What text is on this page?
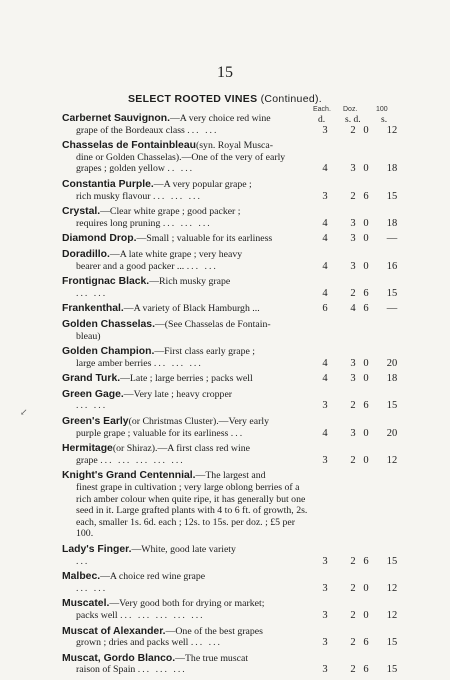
15
SELECT ROOTED VINES (Continued).
Each. Doz.	100
d. s. d. s.
Carbernet Sauvignon.—A very choice red wine
grape of the Bordeaux class ... ...	3	2 0	12
Chasselas de Fontainbleau(syn. Royal Musca-
dine or Golden Chasselas).—One of the very of early grapes ; golden yellow .. ...	4	3 0	18
Constantia Purple.—A very popular grape ;
rich musky flavour ... ... ...	3	2 6	15
Crystal.—Clear white grape ; good packer ;
requires long pruning ... ... ...	4	3 0	18
Diamond Drop.—Small ; valuable for its earliness	4	3 0	—
Doradillo.—A late white grape ; very heavy
bearer and a good packer ... ... ...	4	3 0	16
Frontignac Black.—Rich musky grape
... ...	4	2 6	15
Frankenthal.—A variety of Black Hamburgh ...	6	4 6	—
Golden Chasselas.—(See Chasselas de Fontain-
bleau)
Golden Champion.—First class early grape ;
large amber berries ... ... ...	4	3 0	20
Grand Turk.—Late ; large berries ; packs well	4	3 0	18
Green Gage.—Very late ; heavy cropper
... ...	3	2 6	15
Green's Early(or Christmas Cluster).—Very early
purple grape ; valuable for its earliness ...	4	3 0	20
Hermitage(or Shiraz).—A first class red wine
grape ... ... ... ... ...	3	2 0	12
Knight's Grand Centennial.—The largest and
finest grape in cultivation ; very large oblong berries of a rich amber colour when quite ripe, it has generally but one seed in it. Large grafted plants with 4 to 6 ft. of growth, 2s. each, smaller 1s. 6d. each ; 12s. to 15s. per doz. ; £5 per 100.
Lady's Finger.—White, good late variety
...	3	2 6	15
Malbec.—A choice red wine grape
... ...	3	2 0	12
Muscatel.—Very good both for drying or market;
packs well ... ... ... ... ...	3	2 0	12
Muscat of Alexander.—One of the best grapes
grown ; dries and packs well ... ...	3	2 6	15
Muscat, Gordo Blanco.—The true muscat
raison of Spain ... ... ...	3	2 6	15
↙
